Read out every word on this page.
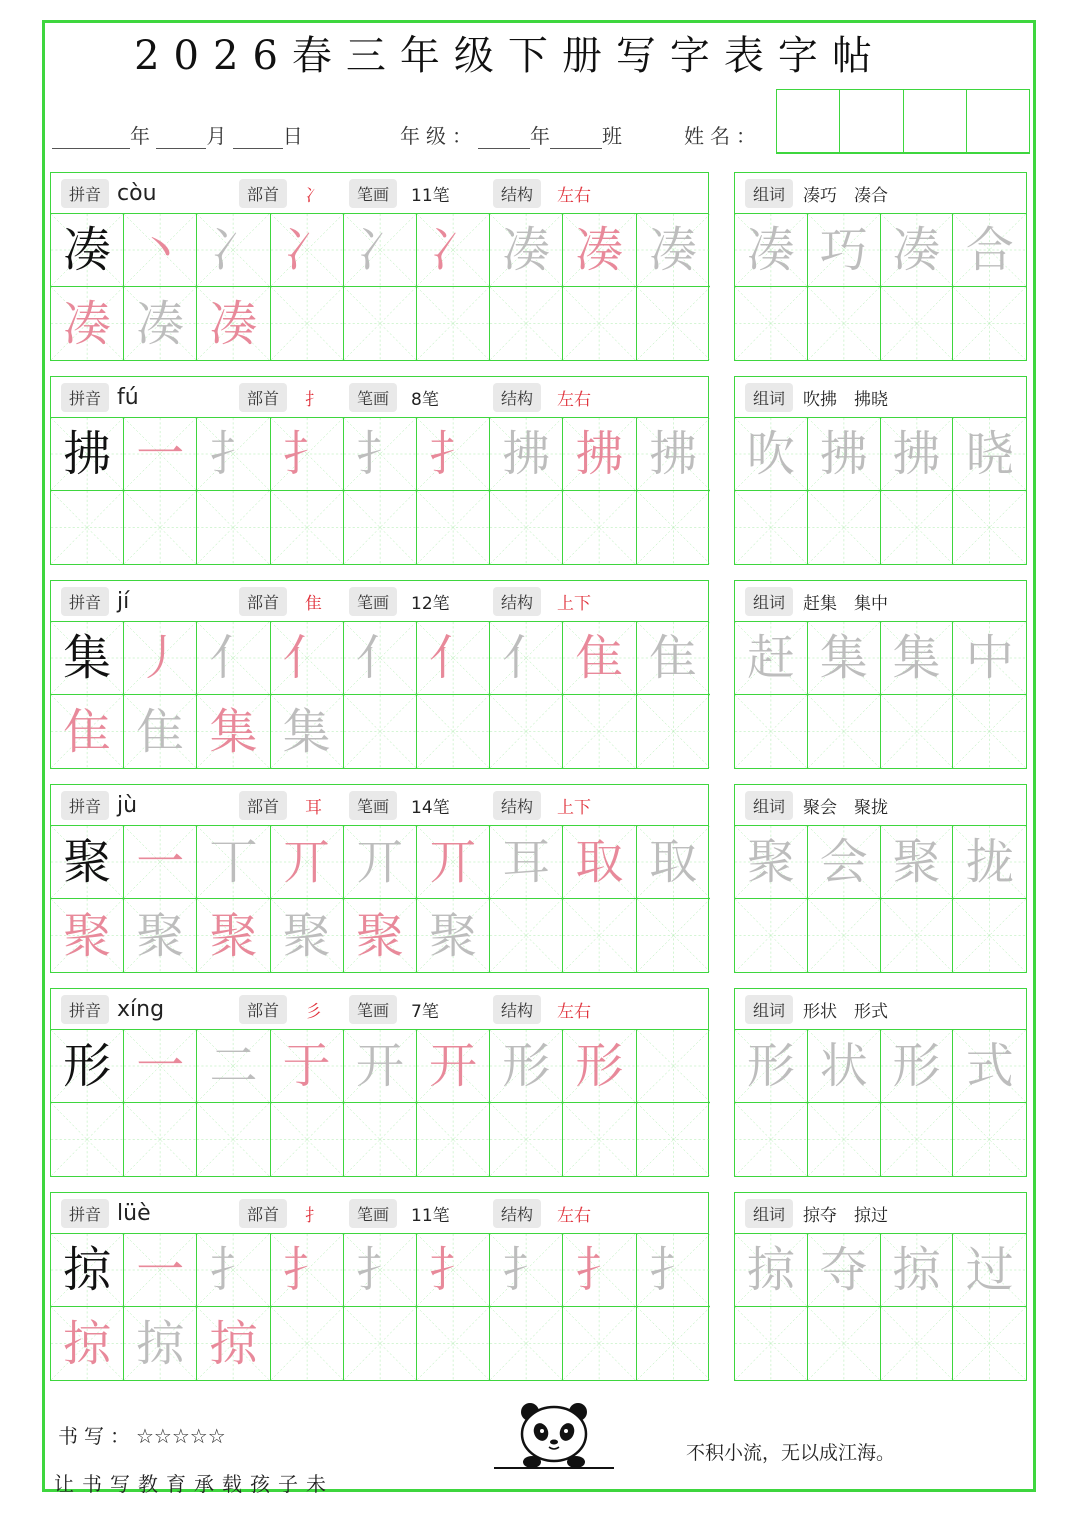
2026春三年级下册写字表字帖
年	月	日	年级：	年	班	姓名：
拼音 còu	部首	冫	笔画	11笔	结构	左右
凑 丶 冫 冫 冫 冫 凑 凑 凑
凑 凑 凑
组词	凑巧　凑合
凑 巧 凑 合
拼音 fú	部首	扌	笔画	8笔	结构	左右
拂 一 扌 扌 扌 扌 拂 拂 拂
组词	吹拂　拂晓
吹 拂 拂 晓
拼音 jí	部首	隹	笔画	12笔	结构	上下
集 丿 亻 亻 亻 亻 亻 隹 隹
隹 隹 集 集
组词	赶集　集中
赶 集 集 中
拼音 jù	部首	耳	笔画	14笔	结构	上下
聚 一 丅 丌 丌 丌 耳 取 取
聚 聚 聚 聚 聚 聚
组词	聚会　聚拢
聚 会 聚 拢
拼音 xíng	部首	彡	笔画	7笔	结构	左右
形 一 二 于 开 开 形 形
组词	形状　形式
形 状 形 式
拼音 lüè	部首	扌	笔画	11笔	结构	左右
掠 一 扌 扌 扌 扌 扌 扌 扌
掠 掠 掠
组词	掠夺　掠过
掠 夺 掠 过
书写：☆☆☆☆☆
让书写教育承载孩子未
不积小流，无以成江海。
